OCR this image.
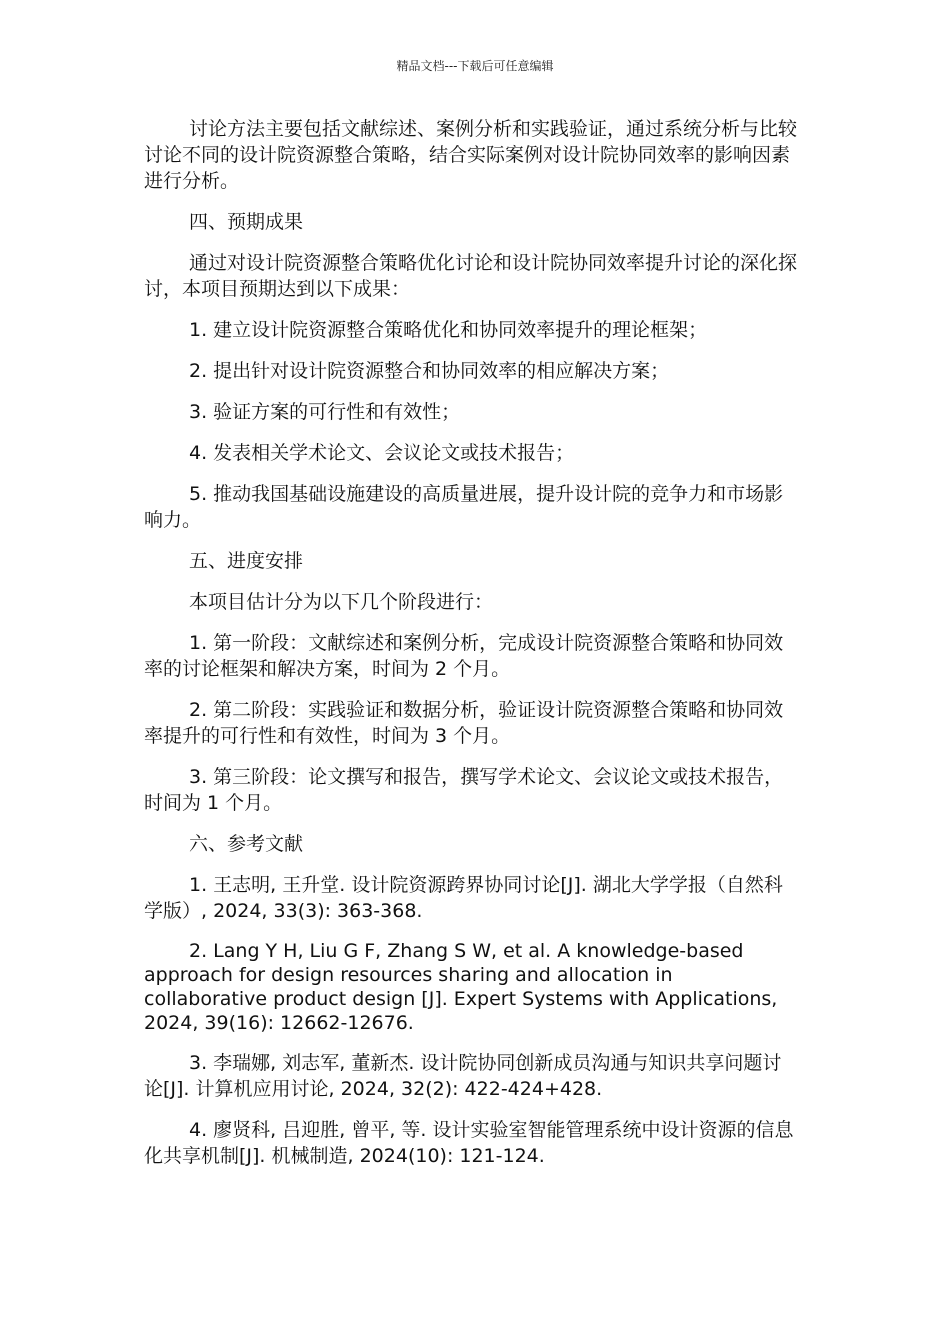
精品文档---下载后可任意编辑

讨论方法主要包括文献综述、案例分析和实践验证，通过系统分析与比较讨论不同的设计院资源整合策略，结合实际案例对设计院协同效率的影响因素进行分析。

四、预期成果

通过对设计院资源整合策略优化讨论和设计院协同效率提升讨论的深化探讨，本项目预期达到以下成果：

1. 建立设计院资源整合策略优化和协同效率提升的理论框架；

2. 提出针对设计院资源整合和协同效率的相应解决方案；

3. 验证方案的可行性和有效性；

4. 发表相关学术论文、会议论文或技术报告；

5. 推动我国基础设施建设的高质量进展，提升设计院的竞争力和市场影响力。

五、进度安排

本项目估计分为以下几个阶段进行：

1. 第一阶段：文献综述和案例分析，完成设计院资源整合策略和协同效率的讨论框架和解决方案，时间为 2 个月。

2. 第二阶段：实践验证和数据分析，验证设计院资源整合策略和协同效率提升的可行性和有效性，时间为 3 个月。

3. 第三阶段：论文撰写和报告，撰写学术论文、会议论文或技术报告，时间为 1 个月。

六、参考文献

1. 王志明, 王升堂. 设计院资源跨界协同讨论[J]. 湖北大学学报（自然科学版）, 2024, 33(3): 363-368.

2. Lang Y H, Liu G F, Zhang S W, et al. A knowledge-based approach for design resources sharing and allocation in collaborative product design [J]. Expert Systems with Applications, 2024, 39(16): 12662-12676.

3. 李瑞娜, 刘志军, 董新杰. 设计院协同创新成员沟通与知识共享问题讨论[J]. 计算机应用讨论, 2024, 32(2): 422-424+428.

4. 廖贤科, 吕迎胜, 曾平, 等. 设计实验室智能管理系统中设计资源的信息化共享机制[J]. 机械制造, 2024(10): 121-124.
